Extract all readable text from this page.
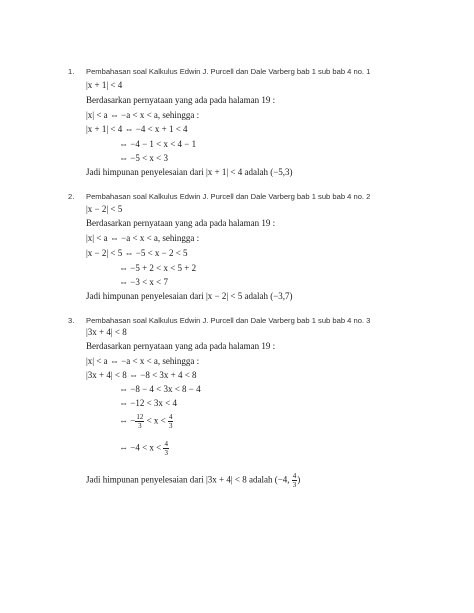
1. Pembahasan soal Kalkulus Edwin J. Purcell dan Dale Varberg bab 1 sub bab 4 no. 1
|x + 1| < 4
Berdasarkan pernyataan yang ada pada halaman 19 :
|x| < a ⇔ −a < x < a, sehingga :
|x + 1| < 4 ⇔ −4 < x + 1 < 4
⇔ −4 − 1 < x < 4 − 1
⇔ −5 < x < 3
Jadi himpunan penyelesaian dari |x + 1| < 4 adalah (−5,3)
2. Pembahasan soal Kalkulus Edwin J. Purcell dan Dale Varberg bab 1 sub bab 4 no. 2
|x − 2| < 5
Berdasarkan pernyataan yang ada pada halaman 19 :
|x| < a ⇔ −a < x < a, sehingga :
|x − 2| < 5 ⇔ −5 < x − 2 < 5
⇔ −5 + 2 < x < 5 + 2
⇔ −3 < x < 7
Jadi himpunan penyelesaian dari |x − 2| < 5 adalah (−3,7)
3. Pembahasan soal Kalkulus Edwin J. Purcell dan Dale Varberg bab 1 sub bab 4 no. 3
|3x + 4| < 8
Berdasarkan pernyataan yang ada pada halaman 19 :
|x| < a ⇔ −a < x < a, sehingga :
|3x + 4| < 8 ⇔ −8 < 3x + 4 < 8
⇔ −8 − 4 < 3x < 8 − 4
⇔ −12 < 3x < 4
⇔ − $\frac{12}{3} < x < \frac{4}{3}$
⇔ $-4 < x < \frac{4}{3}$
Jadi himpunan penyelesaian dari |3x + 4| < 8 adalah (−4, $\frac{4}{3}$ )
